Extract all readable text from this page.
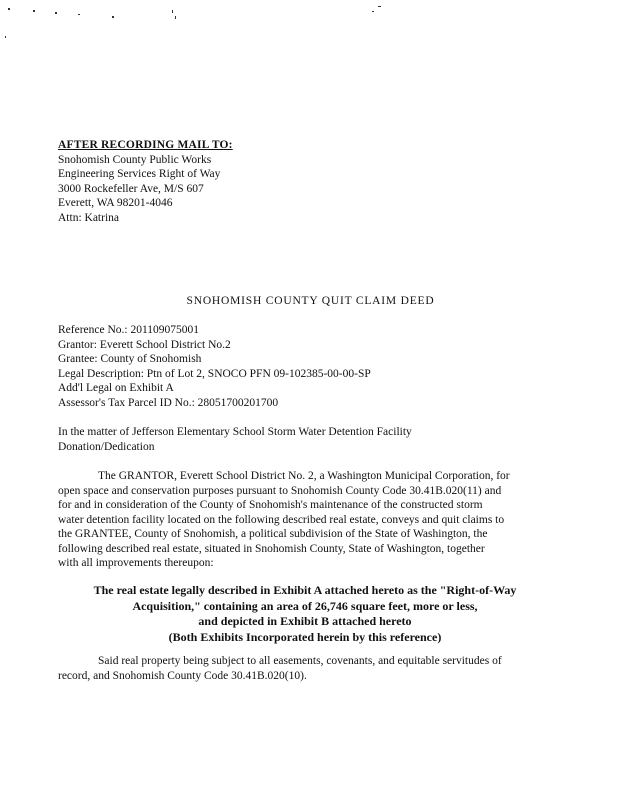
AFTER RECORDING MAIL TO:
Snohomish County Public Works
Engineering Services Right of Way
3000 Rockefeller Ave, M/S 607
Everett, WA 98201-4046
Attn: Katrina
SNOHOMISH COUNTY QUIT CLAIM DEED
Reference No.: 201109075001
Grantor: Everett School District No.2
Grantee: County of Snohomish
Legal Description: Ptn of Lot 2, SNOCO PFN 09-102385-00-00-SP
Add'l Legal on Exhibit A
Assessor's Tax Parcel ID No.: 28051700201700
In the matter of Jefferson Elementary School Storm Water Detention Facility
Donation/Dedication
The GRANTOR, Everett School District No. 2, a Washington Municipal Corporation, for
open space and conservation purposes pursuant to Snohomish County Code 30.41B.020(11) and
for and in consideration of the County of Snohomish's maintenance of the constructed storm
water detention facility located on the following described real estate, conveys and quit claims to
the GRANTEE, County of Snohomish, a political subdivision of the State of Washington, the
following described real estate, situated in Snohomish County, State of Washington, together
with all improvements thereupon:
The real estate legally described in Exhibit A attached hereto as the "Right-of-Way
Acquisition," containing an area of 26,746 square feet, more or less,
and depicted in Exhibit B attached hereto
(Both Exhibits Incorporated herein by this reference)
Said real property being subject to all easements, covenants, and equitable servitudes of
record, and Snohomish County Code 30.41B.020(10).
